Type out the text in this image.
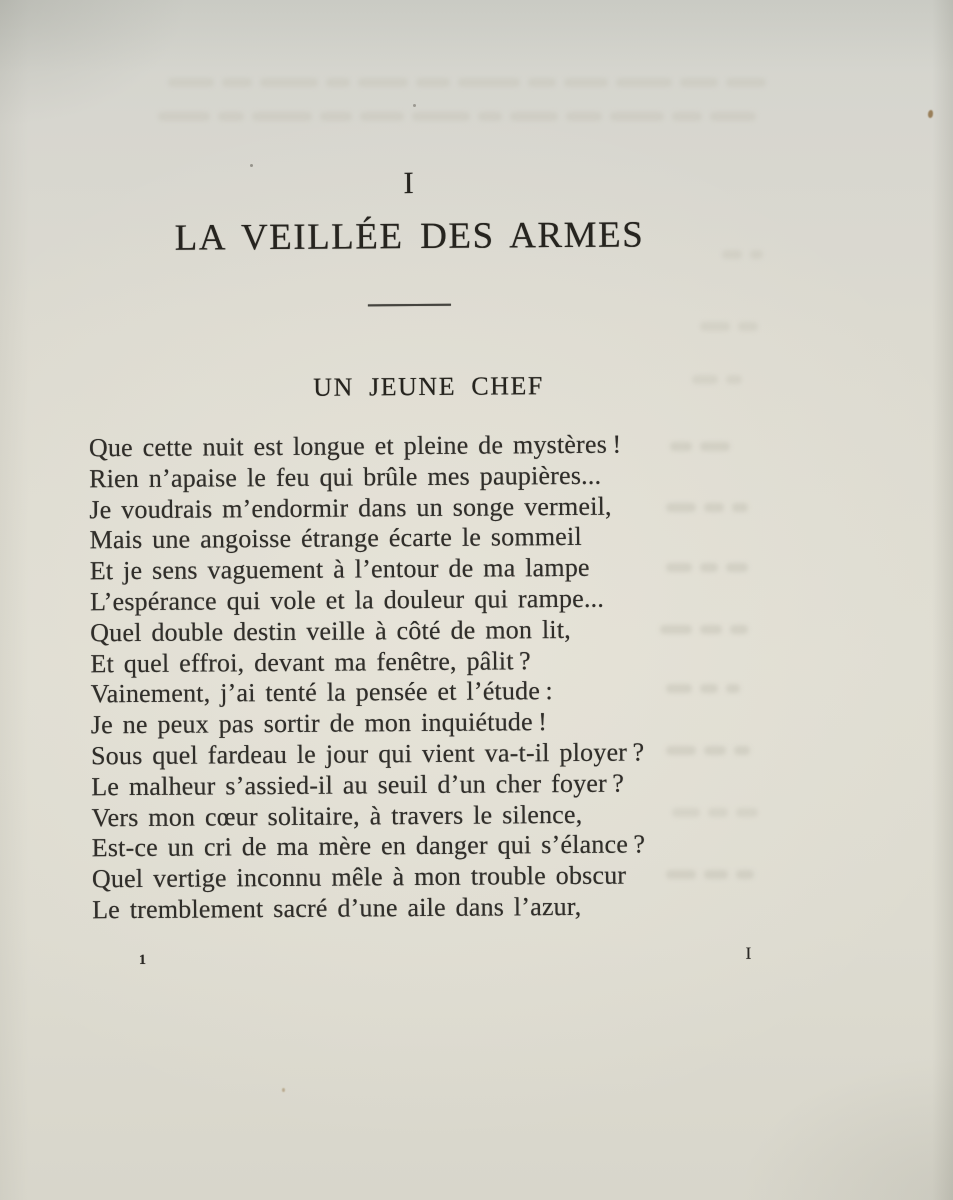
I
LA VEILLÉE DES ARMES
UN JEUNE CHEF
Que cette nuit est longue et pleine de mystères !
Rien n’apaise le feu qui brûle mes paupières...
Je voudrais m’endormir dans un songe vermeil,
Mais une angoisse étrange écarte le sommeil
Et je sens vaguement à l’entour de ma lampe
L’espérance qui vole et la douleur qui rampe...
Quel double destin veille à côté de mon lit,
Et quel effroi, devant ma fenêtre, pâlit ?
Vainement, j’ai tenté la pensée et l’étude :
Je ne peux pas sortir de mon inquiétude !
Sous quel fardeau le jour qui vient va-t-il ployer ?
Le malheur s’assied-il au seuil d’un cher foyer ?
Vers mon cœur solitaire, à travers le silence,
Est-ce un cri de ma mère en danger qui s’élance ?
Quel vertige inconnu mêle à mon trouble obscur
Le tremblement sacré d’une aile dans l’azur,
1	I
